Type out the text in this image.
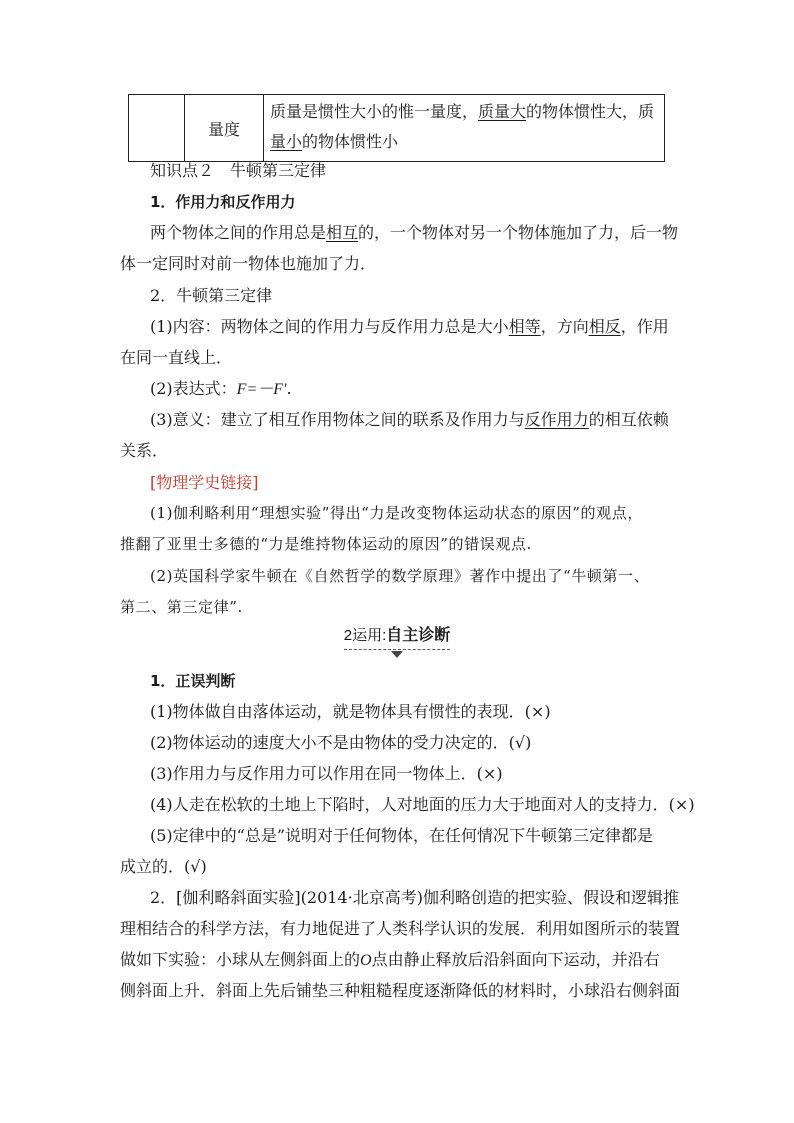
	量度	质量是惯性大小的惟一量度，质量大的物体惯性大，质
量小的物体惯性小
知识点２　牛顿第三定律
1．作用力和反作用力
两个物体之间的作用总是相互的，一个物体对另一个物体施加了力，后一物
体一定同时对前一物体也施加了力．
2．牛顿第三定律
(1)内容：两物体之间的作用力与反作用力总是大小相等，方向相反，作用
在同一直线上．
(2)表达式：F=－F′.
(3)意义：建立了相互作用物体之间的联系及作用力与反作用力的相互依赖
关系．
[物理学史链接]
(1)伽利略利用“理想实验”得出“力是改变物体运动状态的原因”的观点，
推翻了亚里士多德的“力是维持物体运动的原因”的错误观点.
(2)英国科学家牛顿在《自然哲学的数学原理》著作中提出了“牛顿第一、
第二、第三定律”.
2运用:自主诊断
1．正误判断
(1)物体做自由落体运动，就是物体具有惯性的表现．(×)
(2)物体运动的速度大小不是由物体的受力决定的．(√)
(3)作用力与反作用力可以作用在同一物体上．(×)
(4)人走在松软的土地上下陷时，人对地面的压力大于地面对人的支持力．(×)
(5)定律中的“总是”说明对于任何物体，在任何情况下牛顿第三定律都是
成立的．(√)
2．[伽利略斜面实验](2014·北京高考)伽利略创造的把实验、假设和逻辑推
理相结合的科学方法，有力地促进了人类科学认识的发展．利用如图所示的装置
做如下实验：小球从左侧斜面上的O点由静止释放后沿斜面向下运动，并沿右
侧斜面上升．斜面上先后铺垫三种粗糙程度逐渐降低的材料时，小球沿右侧斜面
